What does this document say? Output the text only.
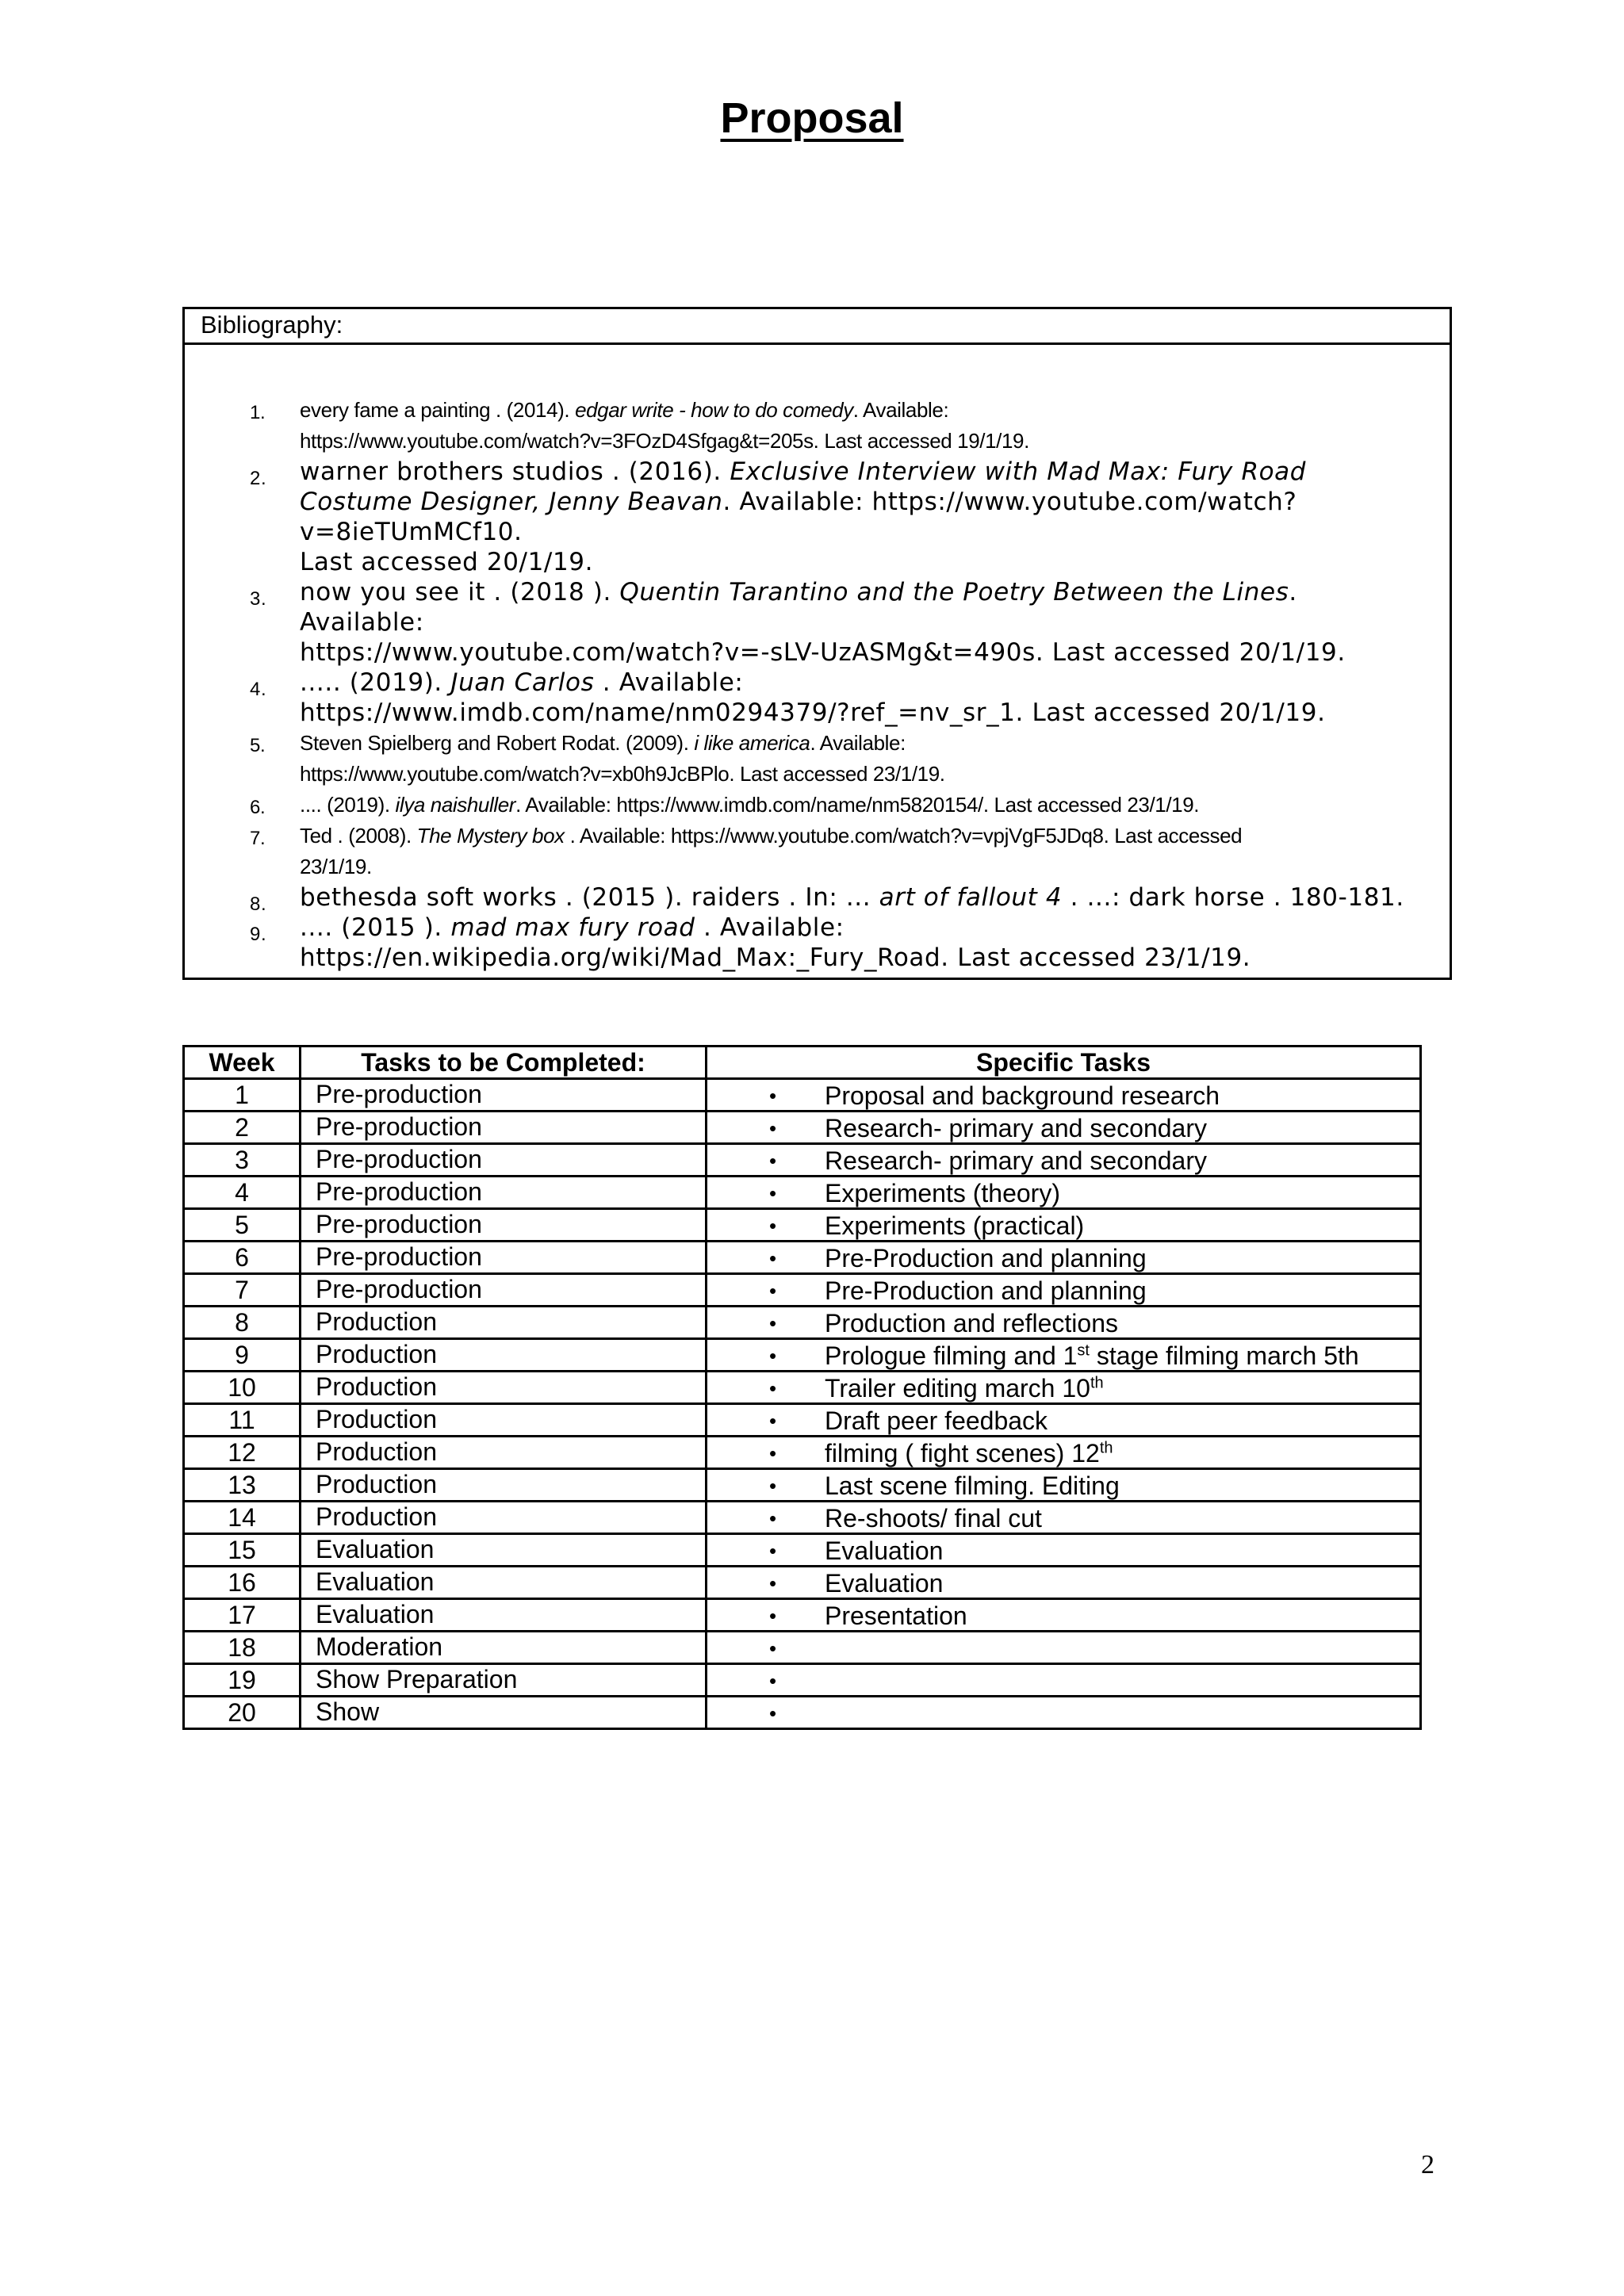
Proposal
Bibliography:
1.	every fame a painting . (2014). edgar write - how to do comedy. Available:
https://www.youtube.com/watch?v=3FOzD4Sfgag&t=205s. Last accessed 19/1/19.
2.	warner brothers studios . (2016). Exclusive Interview with Mad Max: Fury Road Costume Designer, Jenny Beavan. Available: https://www.youtube.com/watch?v=8ieTUmMCf10.
Last accessed 20/1/19.
3.	now you see it . (2018 ). Quentin Tarantino and the Poetry Between the Lines. Available:
https://www.youtube.com/watch?v=-sLV-UzASMg&t=490s. Last accessed 20/1/19.
4.	..... (2019). Juan Carlos . Available:
https://www.imdb.com/name/nm0294379/?ref_=nv_sr_1. Last accessed 20/1/19.
5.	Steven Spielberg and Robert Rodat. (2009). i like america. Available:
https://www.youtube.com/watch?v=xb0h9JcBPlo. Last accessed 23/1/19.
6.	.... (2019). ilya naishuller. Available: https://www.imdb.com/name/nm5820154/. Last accessed 23/1/19.
7.	Ted . (2008). The Mystery box . Available: https://www.youtube.com/watch?v=vpjVgF5JDq8. Last accessed
23/1/19.
8.	bethesda soft works . (2015 ). raiders . In: ... art of fallout 4 . ...: dark horse . 180-181.
9.	.... (2015 ). mad max fury road . Available:
https://en.wikipedia.org/wiki/Mad_Max:_Fury_Road. Last accessed 23/1/19.
Week	Tasks to be Completed:	Specific Tasks
1	Pre-production	• Proposal and background research

2	Pre-production	• Research- primary and secondary

3	Pre-production	• Research- primary and secondary

4	Pre-production	• Experiments (theory)

5	Pre-production	• Experiments (practical)

6	Pre-production	• Pre-Production and planning

7	Pre-production	• Pre-Production and planning

8	Production	• Production and reflections

9	Production	• Prologue filming and 1st stage filming march 5th

10	Production	• Trailer editing march 10th

11	Production	• Draft peer feedback

12	Production	• filming ( fight scenes) 12th

13	Production	• Last scene filming. Editing

14	Production	• Re-shoots/ final cut

15	Evaluation	• Evaluation

16	Evaluation	• Evaluation

17	Evaluation	• Presentation

18	Moderation	•

19	Show Preparation	•

20	Show	•
2
